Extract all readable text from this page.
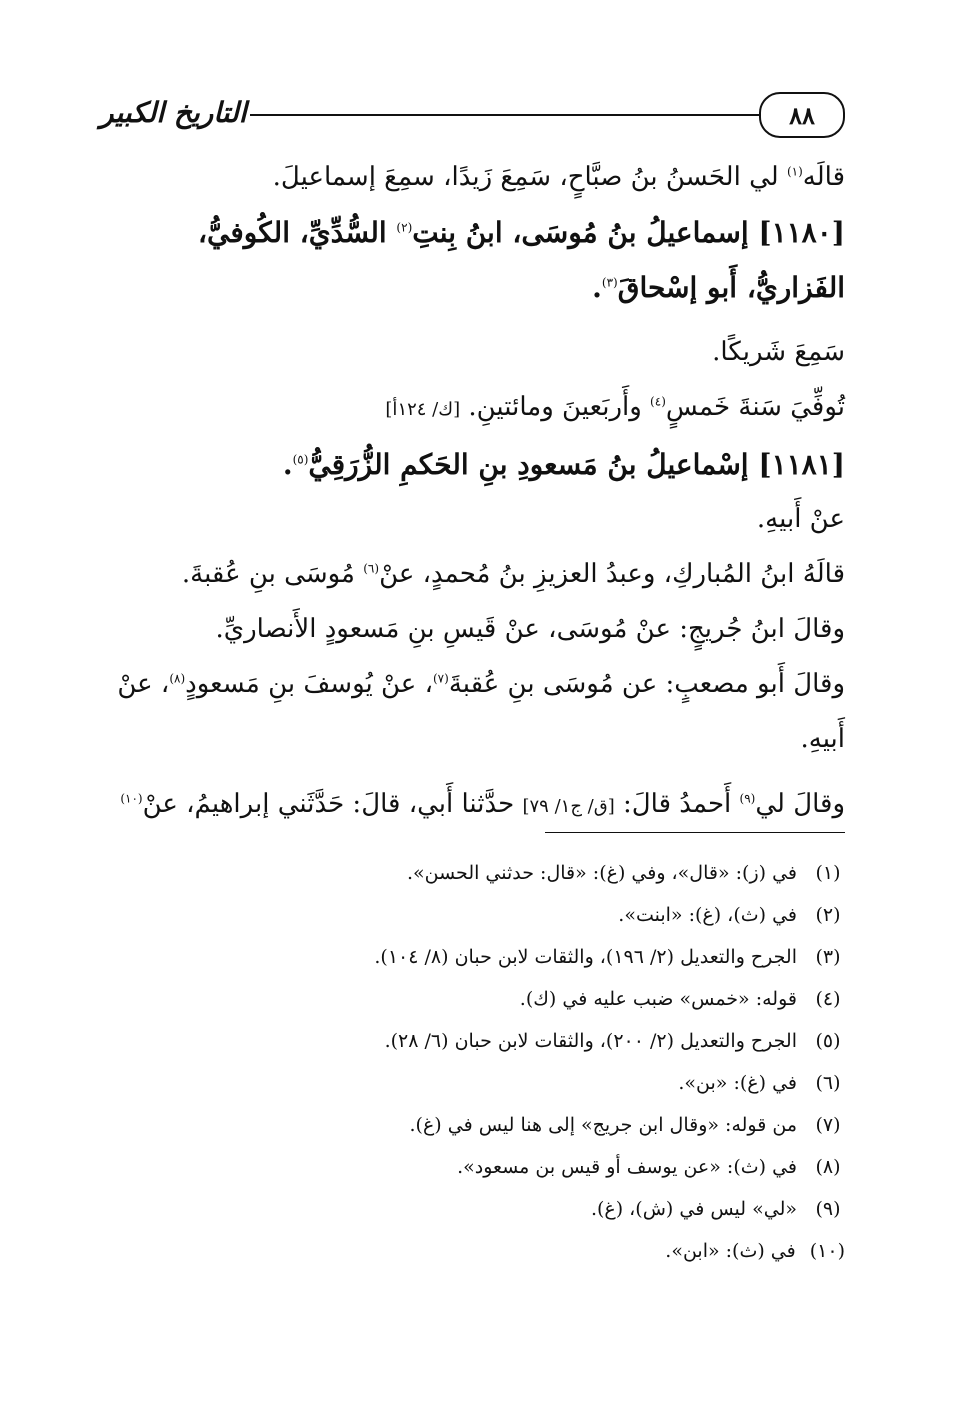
٨٨
التاريخ الكبير

قالَه$^{(١)}$ لي الحَسنُ بنُ صبَّاحٍ، سَمِعَ زَيدًا، سمِعَ إسماعيلَ.

[١١٨٠] إسماعيلُ بنُ مُوسَى، ابنُ بِنتِ$^{(٢)}$ السُّدِّيِّ، الكُوفيُّ، الفَزاريُّ، أَبو إسْحاقَ$^{(٣)}$.

سَمِعَ شَريكًا.

تُوفِّيَ سَنةَ خَمسٍ$^{(٤)}$ وأَربَعينَ ومائتينِ. [ك/ ١٢٤أ]

[١١٨١] إسْماعيلُ بنُ مَسعودِ بنِ الحَكمِ الزُّرَقِيُّ$^{(٥)}$.

عنْ أَبيهِ.

قالَهُ ابنُ المُباركِ، وعبدُ العزيزِ بنُ مُحمدٍ، عنْ$^{(٦)}$ مُوسَى بنِ عُقبةَ.

وقالَ ابنُ جُريجٍ: عنْ مُوسَى، عنْ قَيسِ بنِ مَسعودٍ الأَنصاريِّ.

وقالَ أَبو مصعبٍ: عن مُوسَى بنِ عُقبةَ$^{(٧)}$، عنْ يُوسفَ بنِ مَسعودٍ$^{(٨)}$، عنْ أَبيهِ.

وقالَ لي$^{(٩)}$ أَحمدُ قالَ: [ق/ ج١/ ٧٩] حدَّثنا أَبي، قالَ: حَدَّثَني إبراهيمُ، عنْ$^{(١٠)}$

(١)
في (ز): «قال»، وفي (غ): «قال: حدثني الحسن».
(٢)
في (ث)، (غ): «ابنت».
(٣)
الجرح والتعديل (٢/ ١٩٦)، والثقات لابن حبان (٨/ ١٠٤).
(٤)
قوله: «خمس» ضبب عليه في (ك).
(٥)
الجرح والتعديل (٢/ ٢٠٠)، والثقات لابن حبان (٦/ ٢٨).
(٦)
في (غ): «بن».
(٧)
من قوله: «وقال ابن جريج» إلى هنا ليس في (غ).
(٨)
في (ث): «عن يوسف أو قيس بن مسعود».
(٩)
«لي» ليس في (ش)، (غ).
(١٠)
في (ث): «ابن».
